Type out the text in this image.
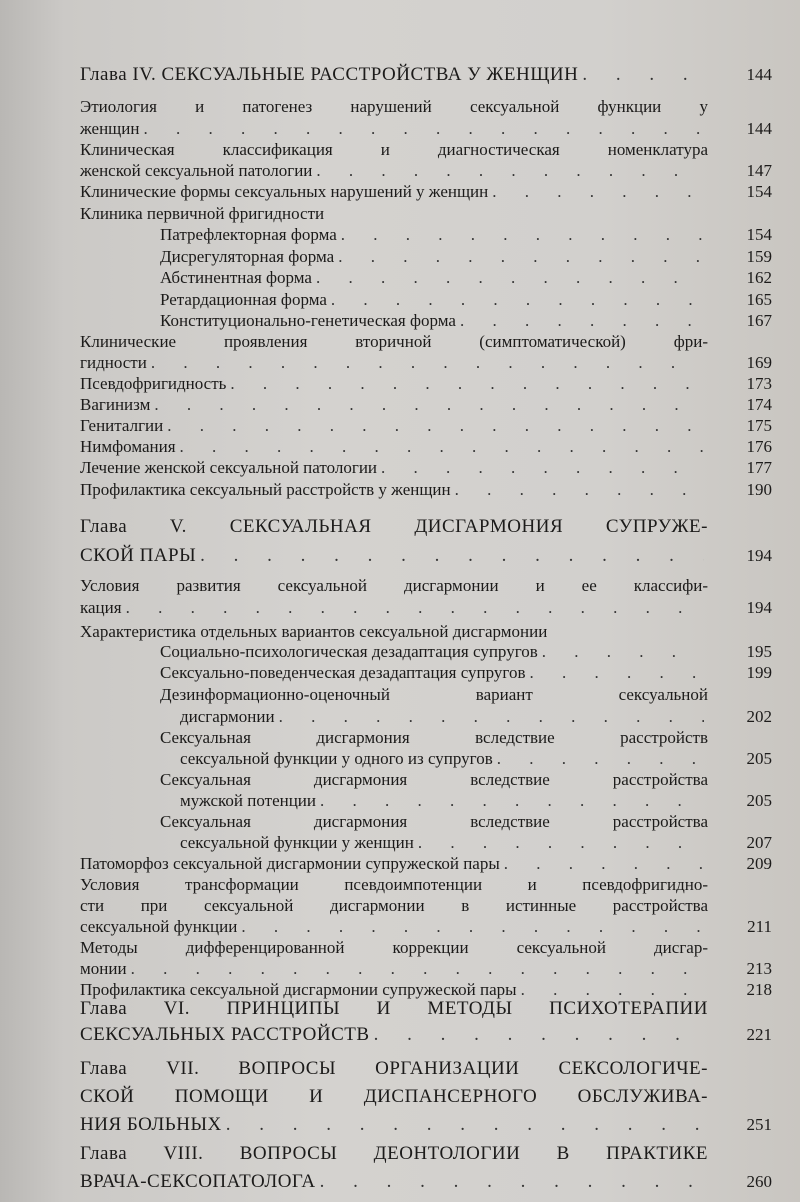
Глава IV. СЕКСУАЛЬНЫЕ РАССТРОЙСТВА У ЖЕНЩИН . . .	144
Этиология и патогенез нарушений сексуальной функции у
женщин . . .	144
Клиническая классификация и диагностическая номенклатура
женской сексуальной патологии . . .	147
Клинические формы сексуальных нарушений у женщин . . .	154
Клиника первичной фригидности
Патрефлекторная форма . . .	154
Дисрегуляторная форма . . .	159
Абстинентная форма . . .	162
Ретардационная форма . . .	165
Конституционально-генетическая форма . . .	167
Клинические проявления вторичной (симптоматической) фри-
гидности . . .	169
Псевдофригидность . . .	173
Вагинизм . . .	174
Гениталгии . . .	175
Нимфомания . . .	176
Лечение женской сексуальной патологии . . .	177
Профилактика сексуальный расстройств у женщин . . .	190
Глава V. СЕКСУАЛЬНАЯ ДИСГАРМОНИЯ СУПРУЖЕ-
СКОЙ ПАРЫ . . .	194
Условия развития сексуальной дисгармонии и ее классифи-
кация . . .	194
Характеристика отдельных вариантов сексуальной дисгармонии
Социально-психологическая дезадаптация супругов . . .	195
Сексуально-поведенческая дезадаптация супругов . . .	199
Дезинформационно-оценочный вариант сексуальной
дисгармонии . . .	202
Сексуальная дисгармония вследствие расстройств
сексуальной функции у одного из супругов . . .	205
Сексуальная дисгармония вследствие расстройства
мужской потенции . . .	205
Сексуальная дисгармония вследствие расстройства
сексуальной функции у женщин . . .	207
Патоморфоз сексуальной дисгармонии супружеской пары . . .	209
Условия трансформации псевдоимпотенции и псевдофригидно-
сти при сексуальной дисгармонии в истинные расстройства
сексуальной функции . . .	211
Методы дифференцированной коррекции сексуальной дисгар-
монии . . .	213
Профилактика сексуальной дисгармонии супружеской пары . . .	218
Глава VI. ПРИНЦИПЫ И МЕТОДЫ ПСИХОТЕРАПИИ
СЕКСУАЛЬНЫХ РАССТРОЙСТВ . . .	221
Глава VII. ВОПРОСЫ ОРГАНИЗАЦИИ СЕКСОЛОГИЧЕ-
СКОЙ ПОМОЩИ И ДИСПАНСЕРНОГО ОБСЛУЖИВА-
НИЯ БОЛЬНЫХ . . .	251
Глава VIII. ВОПРОСЫ ДЕОНТОЛОГИИ В ПРАКТИКЕ
ВРАЧА-СЕКСОПАТОЛОГА . . .	260
